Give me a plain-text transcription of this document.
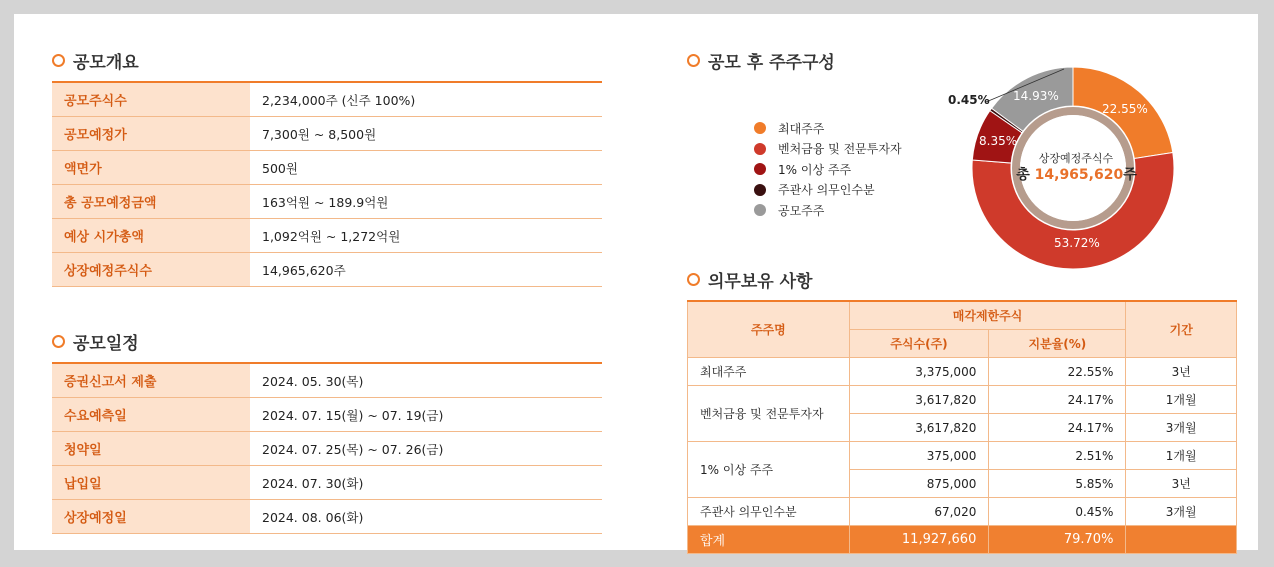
공모개요
공모주식수	2,234,000주 (신주 100%)
공모예정가	7,300원 ~ 8,500원
액면가	500원
총 공모예정금액	163억원 ~ 189.9억원
예상 시가총액	1,092억원 ~ 1,272억원
상장예정주식수	14,965,620주
공모일정
증권신고서 제출	2024. 05. 30(목)
수요예측일	2024. 07. 15(월) ~ 07. 19(금)
청약일	2024. 07. 25(목) ~ 07. 26(금)
납입일	2024. 07. 30(화)
상장예정일	2024. 08. 06(화)
공모 후 주주구성
최대주주
벤처금융 및 전문투자자
1% 이상 주주
주관사 의무인수분
공모주주
상장예정주식수
총 14,965,620주
22.55%
53.72%
8.35%
0.45% 14.93%
의무보유 사항
주주명	매각제한주식		기간
	주식수(주)	지분율(%)	
최대주주	3,375,000	22.55%	3년
벤처금융 및 전문투자자	3,617,820	24.17%	1개월
	3,617,820	24.17%	3개월
1% 이상 주주	375,000	2.51%	1개월
	875,000	5.85%	3년
주관사 의무인수분	67,020	0.45%	3개월
합계	11,927,660	79.70%	
